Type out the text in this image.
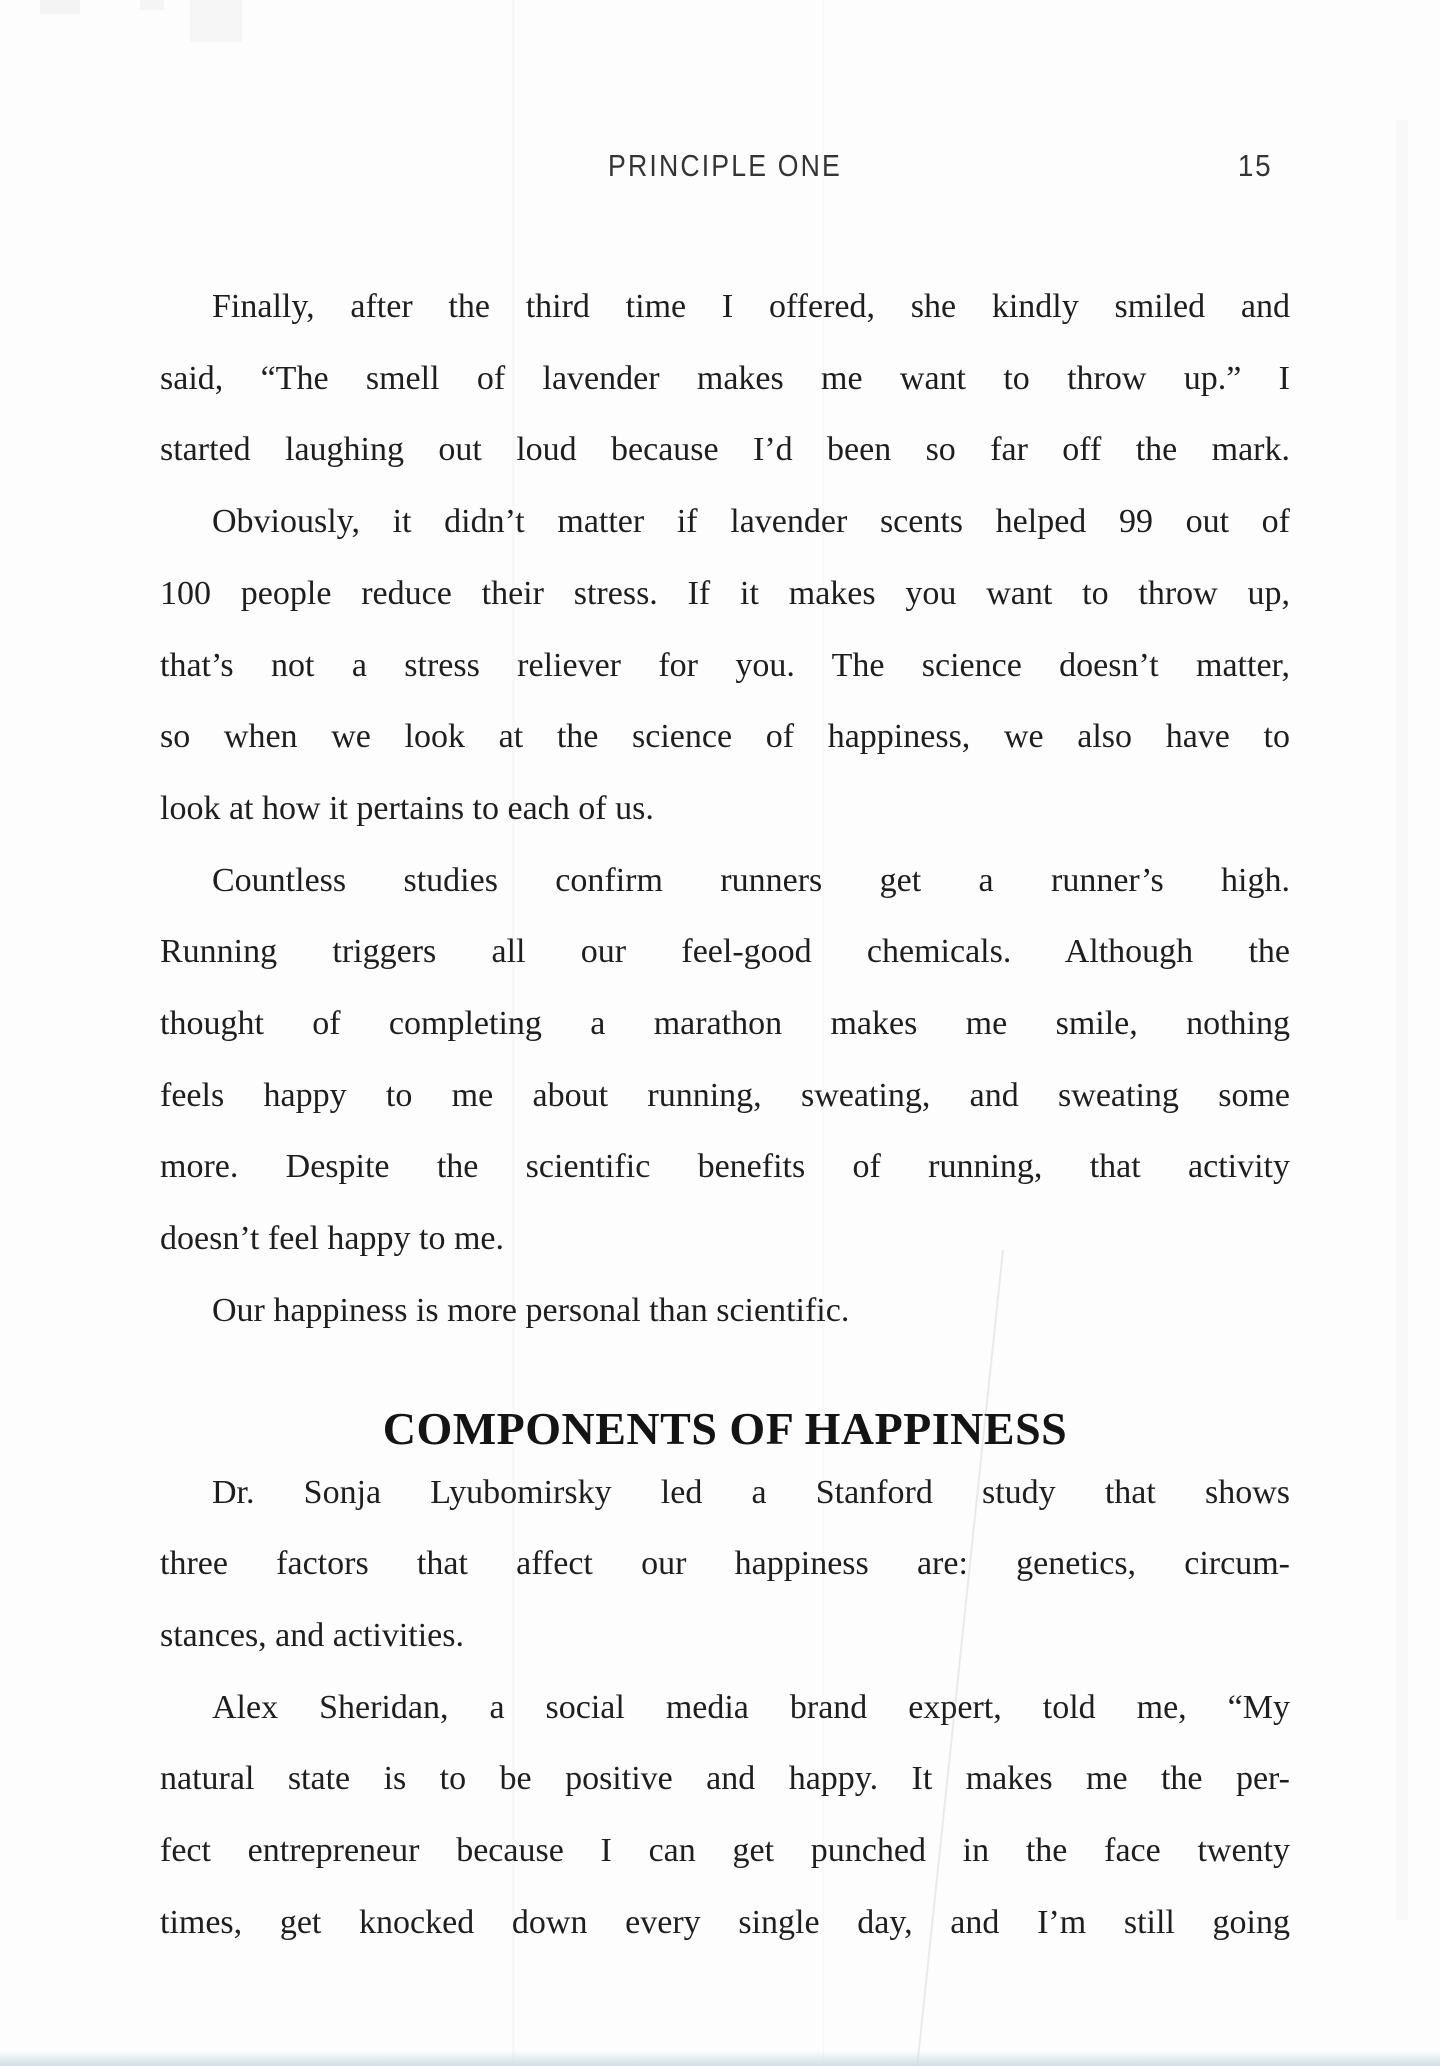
PRINCIPLE ONE	15
Finally, after the third time I offered, she kindly smiled and
said, “The smell of lavender makes me want to throw up.” I
started laughing out loud because I’d been so far off the mark.
Obviously, it didn’t matter if lavender scents helped 99 out of
100 people reduce their stress. If it makes you want to throw up,
that’s not a stress reliever for you. The science doesn’t matter,
so when we look at the science of happiness, we also have to
look at how it pertains to each of us.
Countless studies confirm runners get a runner’s high.
Running triggers all our feel-good chemicals. Although the
thought of completing a marathon makes me smile, nothing
feels happy to me about running, sweating, and sweating some
more. Despite the scientific benefits of running, that activity
doesn’t feel happy to me.
Our happiness is more personal than scientific.
COMPONENTS OF HAPPINESS
Dr. Sonja Lyubomirsky led a Stanford study that shows
three factors that affect our happiness are: genetics, circum-
stances, and activities.
Alex Sheridan, a social media brand expert, told me, “My
natural state is to be positive and happy. It makes me the per-
fect entrepreneur because I can get punched in the face twenty
times, get knocked down every single day, and I’m still going
